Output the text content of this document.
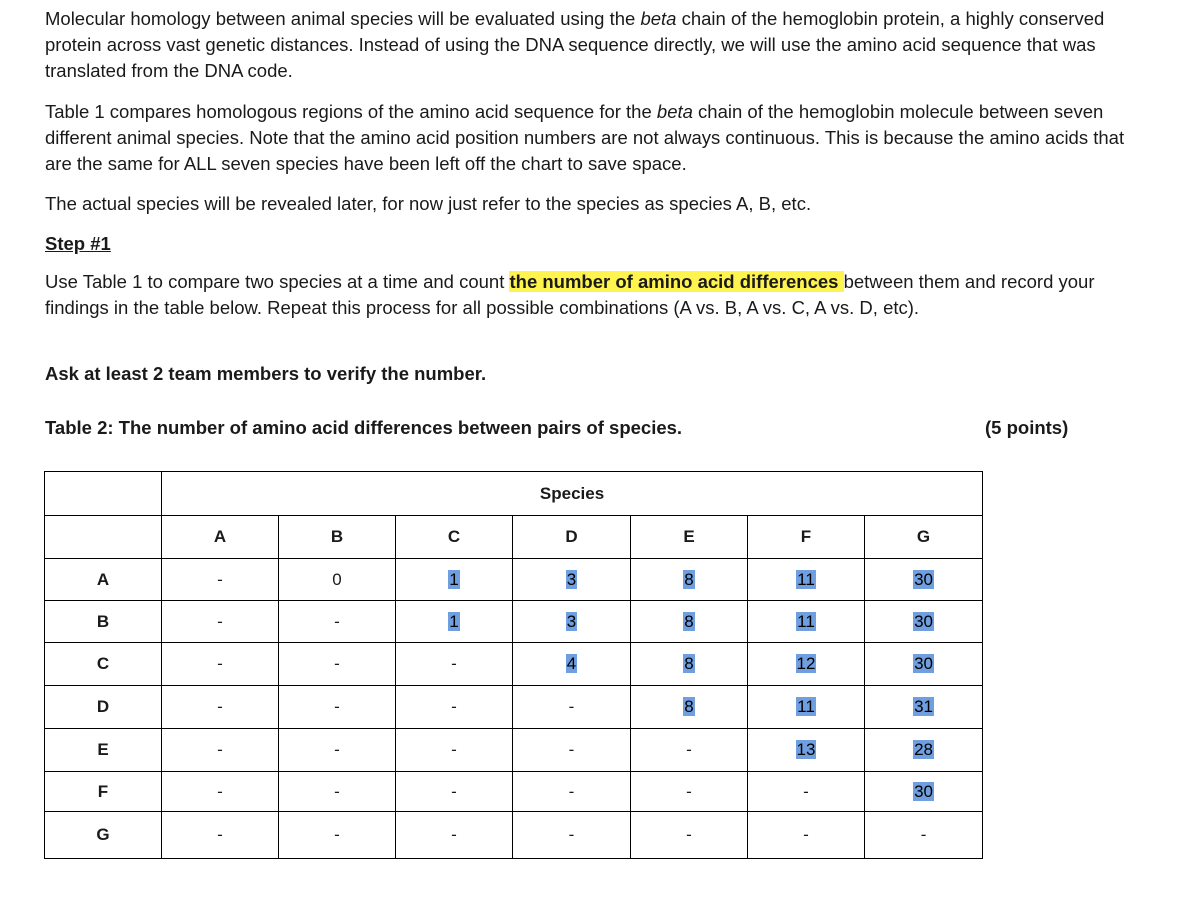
Molecular homology between animal species will be evaluated using the beta chain of the hemoglobin protein, a highly conserved protein across vast genetic distances. Instead of using the DNA sequence directly, we will use the amino acid sequence that was translated from the DNA code.

Table 1 compares homologous regions of the amino acid sequence for the beta chain of the hemoglobin molecule between seven different animal species. Note that the amino acid position numbers are not always continuous. This is because the amino acids that are the same for ALL seven species have been left off the chart to save space.

The actual species will be revealed later, for now just refer to the species as species A, B, etc.

Step #1

Use Table 1 to compare two species at a time and count the number of amino acid differences between them and record your findings in the table below. Repeat this process for all possible combinations (A vs. B, A vs. C, A vs. D, etc).

Ask at least 2 team members to verify the number.

Table 2: The number of amino acid differences between pairs of species.	(5 points)

	Species						
	A	B	C	D	E	F	G
A	-	0	1	3	8	11	30
B	-	-	1	3	8	11	30
C	-	-	-	4	8	12	30
D	-	-	-	-	8	11	31
E	-	-	-	-	-	13	28
F	-	-	-	-	-	-	30
G	-	-	-	-	-	-	-
